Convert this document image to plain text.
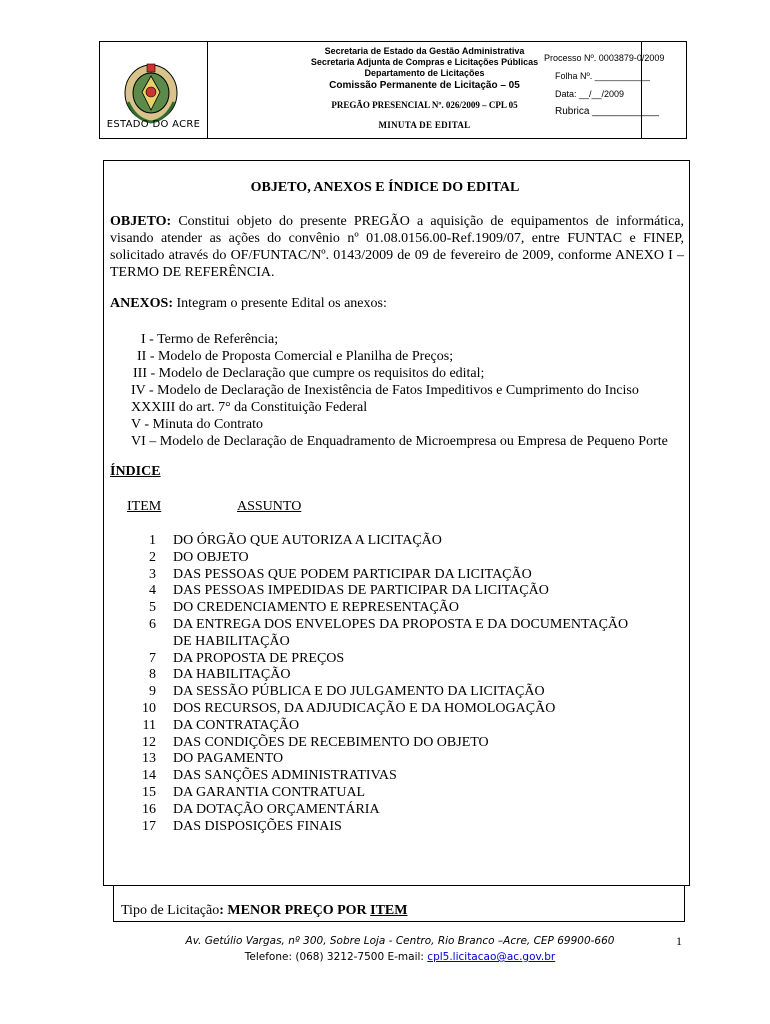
ESTADO DO ACRE
Secretaria de Estado da Gestão Administrativa
Secretaria Adjunta de Compras e Licitações Públicas
Departamento de Licitações
Comissão Permanente de Licitação – 05
PREGÃO PRESENCIAL Nº. 026/2009 – CPL 05
MINUTA DE EDITAL
Processo Nº. 0003879-0/2009
Folha Nº. ___________
Data: __/__/2009
Rubrica ____________
OBJETO, ANEXOS E ÍNDICE DO EDITAL
OBJETO: Constitui objeto do presente PREGÃO a aquisição de equipamentos de informática, visando atender as ações do convênio nº 01.08.0156.00-Ref.1909/07, entre FUNTAC e FINEP, solicitado através do OF/FUNTAC/Nº. 0143/2009 de 09 de fevereiro de 2009, conforme ANEXO I – TERMO DE REFERÊNCIA.
ANEXOS: Integram o presente Edital os anexos:
I - Termo de Referência;
II - Modelo de Proposta Comercial e Planilha de Preços;
III - Modelo de Declaração que cumpre os requisitos do edital;
IV - Modelo de Declaração de Inexistência de Fatos Impeditivos e Cumprimento do Inciso
XXXIII do art. 7° da Constituição Federal
V - Minuta do Contrato
VI – Modelo de Declaração de Enquadramento de Microempresa ou Empresa de Pequeno Porte
ÍNDICE
ITEM	ASSUNTO
1	DO ÓRGÃO QUE AUTORIZA A LICITAÇÃO
2	DO OBJETO
3	DAS PESSOAS QUE PODEM PARTICIPAR DA LICITAÇÃO
4	DAS PESSOAS IMPEDIDAS DE PARTICIPAR DA LICITAÇÃO
5	DO CREDENCIAMENTO E REPRESENTAÇÃO
6	DA ENTREGA DOS ENVELOPES DA PROPOSTA E DA DOCUMENTAÇÃO
DE HABILITAÇÃO
7	DA PROPOSTA DE PREÇOS
8	DA HABILITAÇÃO
9	DA SESSÃO PÚBLICA E DO JULGAMENTO DA LICITAÇÃO
10	DOS RECURSOS, DA ADJUDICAÇÃO E DA HOMOLOGAÇÃO
11	DA CONTRATAÇÃO
12	DAS CONDIÇÕES DE RECEBIMENTO DO OBJETO
13	DO PAGAMENTO
14	DAS SANÇÕES ADMINISTRATIVAS
15	DA GARANTIA CONTRATUAL
16	DA DOTAÇÃO ORÇAMENTÁRIA
17	DAS DISPOSIÇÕES FINAIS
Tipo de Licitação: MENOR PREÇO POR ITEM
Av. Getúlio Vargas, nº 300, Sobre Loja - Centro, Rio Branco –Acre, CEP 69900-660
Telefone: (068) 3212-7500 E-mail: cpl5.licitacao@ac.gov.br
1
